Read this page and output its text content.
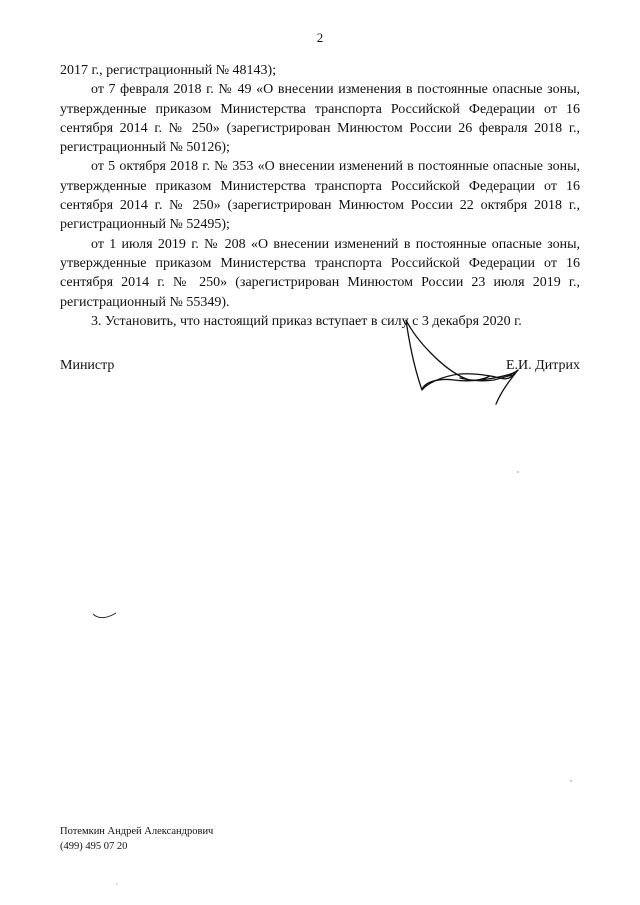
2

2017 г., регистрационный № 48143);

от 7 февраля 2018 г. № 49 «О внесении изменения в постоянные опасные зоны, утвержденные приказом Министерства транспорта Российской Федерации от 16 сентября 2014 г. № 250» (зарегистрирован Минюстом России 26 февраля 2018 г., регистрационный № 50126);

от 5 октября 2018 г. № 353 «О внесении изменений в постоянные опасные зоны, утвержденные приказом Министерства транспорта Российской Федерации от 16 сентября 2014 г. № 250» (зарегистрирован Минюстом России 22 октября 2018 г., регистрационный № 52495);

от 1 июля 2019 г. № 208 «О внесении изменений в постоянные опасные зоны, утвержденные приказом Министерства транспорта Российской Федерации от 16 сентября 2014 г. № 250» (зарегистрирован Минюстом России 23 июля 2019 г., регистрационный № 55349).

3. Установить, что настоящий приказ вступает в силу с 3 декабря 2020 г.

Министр	Е.И. Дитрих
Потемкин Андрей Александрович
(499) 495 07 20
